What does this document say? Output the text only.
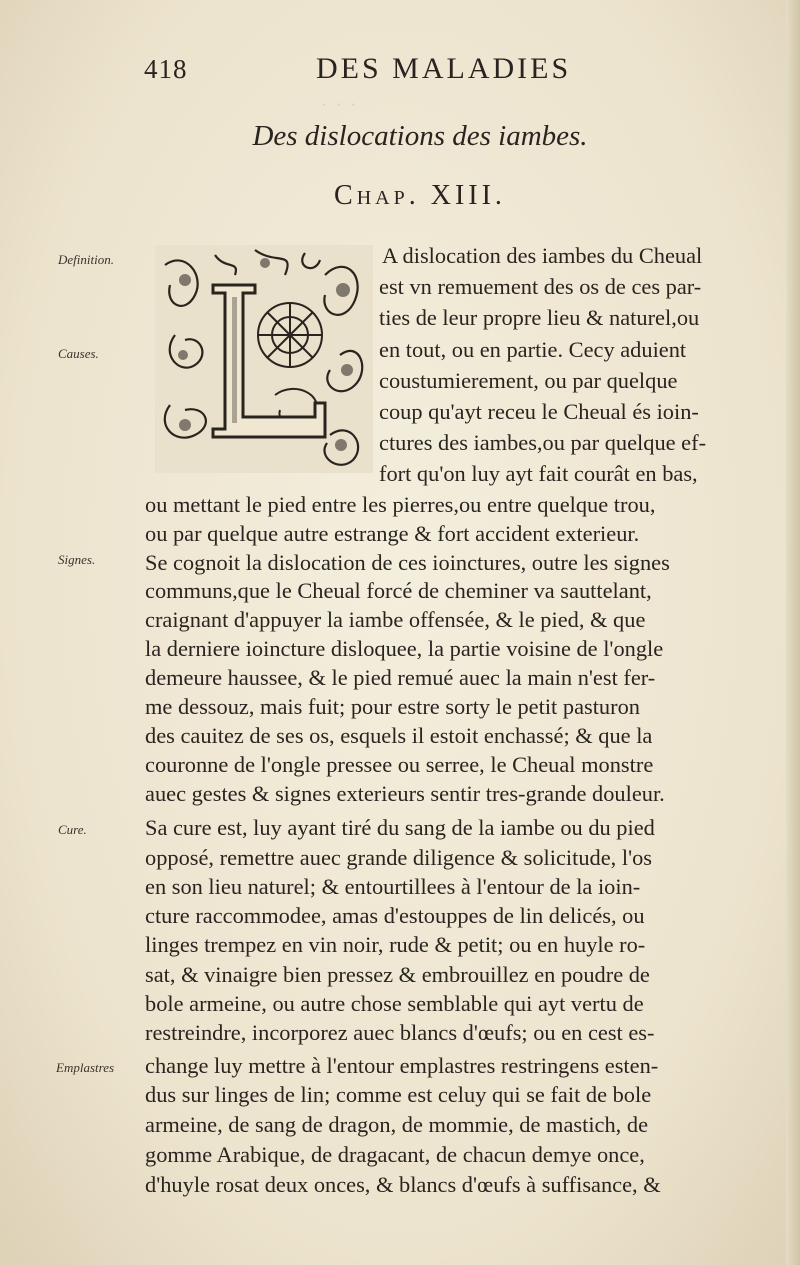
· · ·
418	DES MALADIES
Des dislocations des iambes.
Chap. XIII.
Definition.
Causes.
Signes.
Cure.
Emplastres
A dislocation des iambes du Cheual
est vn remuement des os de ces par-
ties de leur propre lieu & naturel,ou
en tout, ou en partie. Cecy aduient
coustumierement, ou par quelque
coup qu'ayt receu le Cheual és ioin-
ctures des iambes,ou par quelque ef-
fort qu'on luy ayt fait courât en bas,
ou mettant le pied entre les pierres,ou entre quelque trou,
ou par quelque autre estrange & fort accident exterieur.
Se cognoit la dislocation de ces ioinctures, outre les signes
communs,que le Cheual forcé de cheminer va sauttelant,
craignant d'appuyer la iambe offensée, & le pied, & que
la derniere ioincture disloquee, la partie voisine de l'ongle
demeure haussee, & le pied remué auec la main n'est fer-
me dessouz, mais fuit; pour estre sorty le petit pasturon
des cauitez de ses os, esquels il estoit enchassé; & que la
couronne de l'ongle pressee ou serree, le Cheual monstre
auec gestes & signes exterieurs sentir tres-grande douleur.
Sa cure est, luy ayant tiré du sang de la iambe ou du pied
opposé, remettre auec grande diligence & solicitude, l'os
en son lieu naturel; & entourtillees à l'entour de la ioin-
cture raccommodee, amas d'estouppes de lin delicés, ou
linges trempez en vin noir, rude & petit; ou en huyle ro-
sat, & vinaigre bien pressez & embrouillez en poudre de
bole armeine, ou autre chose semblable qui ayt vertu de
restreindre, incorporez auec blancs d'œufs; ou en cest es-
change luy mettre à l'entour emplastres restringens esten-
dus sur linges de lin; comme est celuy qui se fait de bole
armeine, de sang de dragon, de mommie, de mastich, de
gomme Arabique, de dragacant, de chacun demye once,
d'huyle rosat deux onces, & blancs d'œufs à suffisance, &
